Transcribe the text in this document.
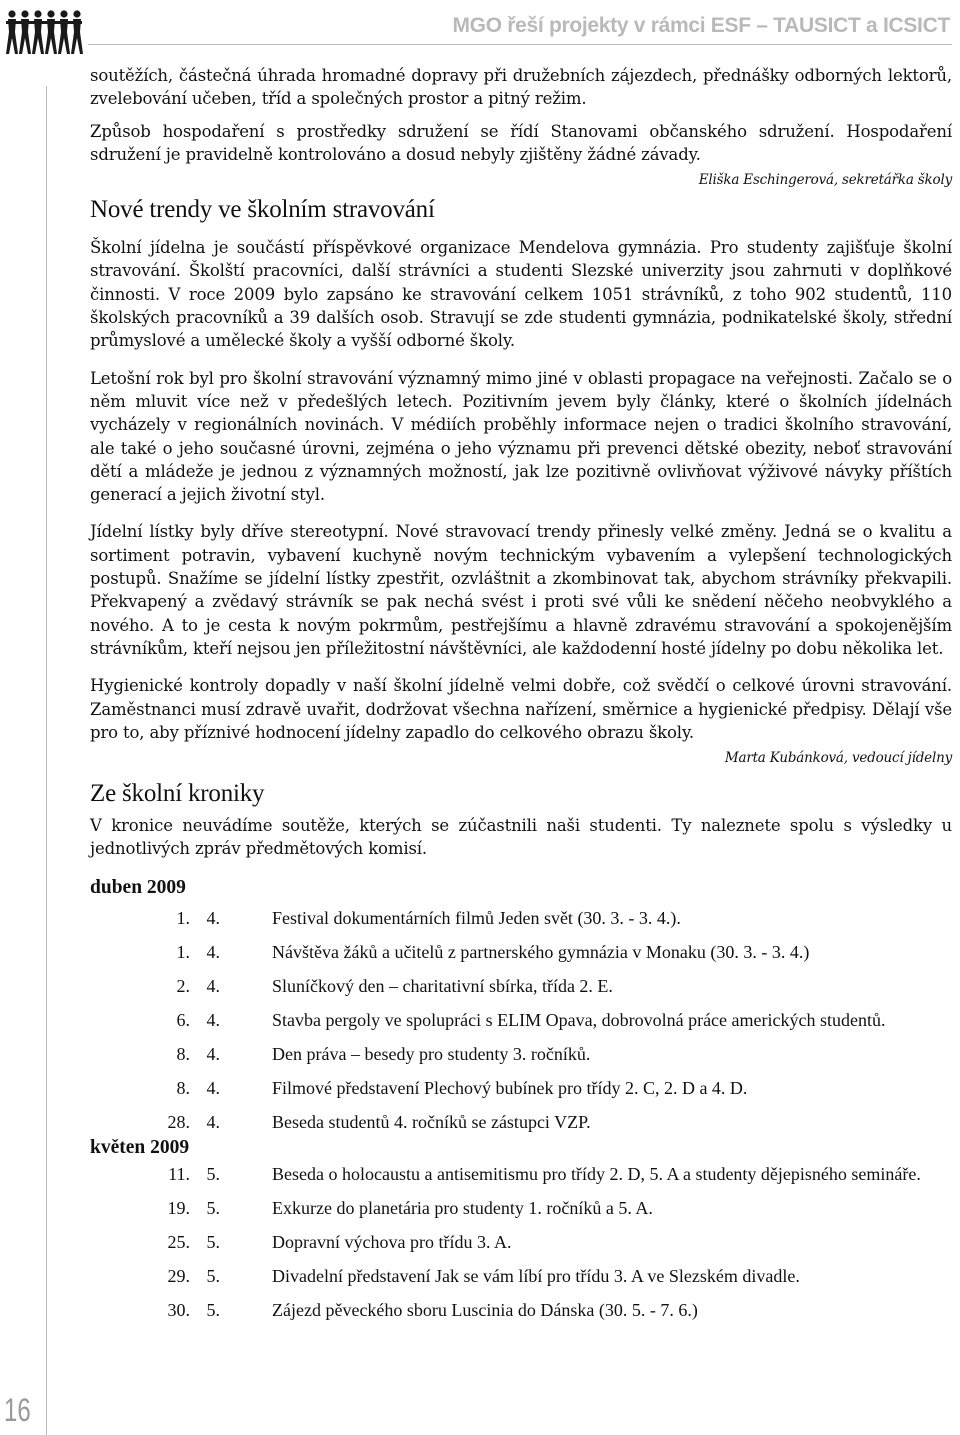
MGO řeší projekty v rámci ESF – TAUSICT a ICSICT
16

soutěžích, částečná úhrada hromadné dopravy při družebních zájezdech, přednášky odborných lektorů, zvelebování učeben, tříd a společných prostor a pitný režim.

Způsob hospodaření s prostředky sdružení se řídí Stanovami občanského sdružení. Hospodaření sdružení je pravidelně kontrolováno a dosud nebyly zjištěny žádné závady.

Eliška Eschingerová, sekretářka školy

Nové trendy ve školním stravování

Školní jídelna je součástí příspěvkové organizace Mendelova gymnázia. Pro studenty zajišťuje školní stravování. Školští pracovníci, další strávníci a studenti Slezské univerzity jsou zahrnuti v doplňkové činnosti. V roce 2009 bylo zapsáno ke stravování celkem 1051 strávníků, z toho 902 studentů, 110 školských pracovníků a 39 dalších osob. Stravují se zde studenti gymnázia, podnikatelské školy, střední průmyslové a umělecké školy a vyšší odborné školy.

Letošní rok byl pro školní stravování významný mimo jiné v oblasti propagace na veřejnosti. Začalo se o něm mluvit více než v předešlých letech. Pozitivním jevem byly články, které o školních jídelnách vycházely v regionálních novinách. V médiích proběhly informace nejen o tradici školního stravování, ale také o jeho současné úrovni, zejména o jeho významu při prevenci dětské obezity, neboť stravování dětí a mládeže je jednou z významných možností, jak lze pozitivně ovlivňovat výživové návyky příštích generací a jejich životní styl.

Jídelní lístky byly dříve stereotypní. Nové stravovací trendy přinesly velké změny. Jedná se o kvalitu a sortiment potravin, vybavení kuchyně novým technickým vybavením a vylepšení technologických postupů. Snažíme se jídelní lístky zpestřit, ozvláštnit a zkombinovat tak, abychom strávníky překvapili. Překvapený a zvědavý strávník se pak nechá svést i proti své vůli ke snědení něčeho neobvyklého a nového. A to je cesta k novým pokrmům, pestřejšímu a hlavně zdravému stravování a spokojenějším strávníkům, kteří nejsou jen příležitostní návštěvníci, ale každodenní hosté jídelny po dobu několika let.

Hygienické kontroly dopadly v naší školní jídelně velmi dobře, což svědčí o celkové úrovni stravování. Zaměstnanci musí zdravě uvařit, dodržovat všechna nařízení, směrnice a hygienické předpisy. Dělají vše pro to, aby příznivé hodnocení jídelny zapadlo do celkového obrazu školy.

Marta Kubánková, vedoucí jídelny

Ze školní kroniky

V kronice neuvádíme soutěže, kterých se zúčastnili naši studenti. Ty naleznete spolu s výsledky u jednotlivých zpráv předmětových komisí.

duben 2009

1. 4.	Festival dokumentárních filmů Jeden svět (30. 3. - 3. 4.).
1. 4.	Návštěva žáků a učitelů z partnerského gymnázia v Monaku (30. 3. - 3. 4.)
2. 4.	Sluníčkový den – charitativní sbírka, třída 2. E.
6. 4.	Stavba pergoly ve spolupráci s ELIM Opava, dobrovolná práce amerických studentů.
8. 4.	Den práva – besedy pro studenty 3. ročníků.
8. 4.	Filmové představení Plechový bubínek pro třídy 2. C, 2. D a 4. D.
28. 4.	Beseda studentů 4. ročníků se zástupci VZP.

květen 2009

11. 5.	Beseda o holocaustu a antisemitismu pro třídy 2. D, 5. A a studenty dějepisného semináře.
19. 5.	Exkurze do planetária pro studenty 1. ročníků a 5. A.
25. 5.	Dopravní výchova pro třídu 3. A.
29. 5.	Divadelní představení Jak se vám líbí pro třídu 3. A ve Slezském divadle.
30. 5.	Zájezd pěveckého sboru Luscinia do Dánska (30. 5. - 7. 6.)
